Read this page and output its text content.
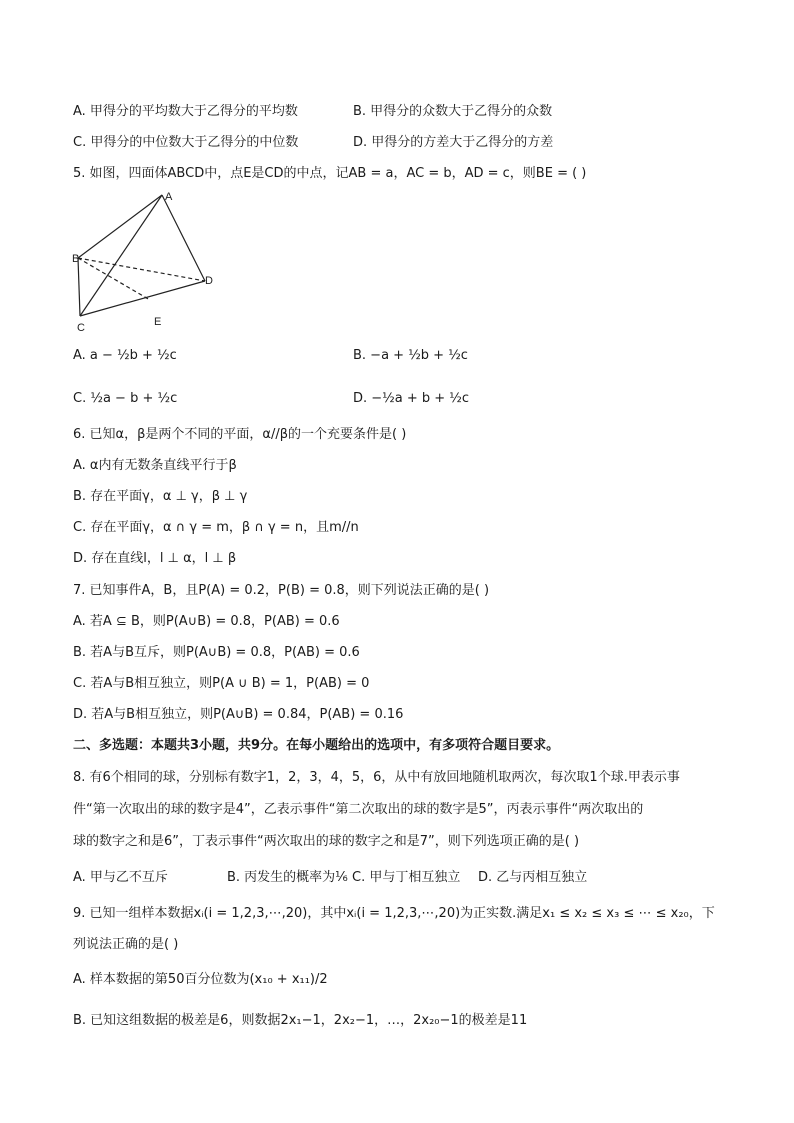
A. 甲得分的平均数大于乙得分的平均数	B. 甲得分的众数大于乙得分的众数
C. 甲得分的中位数大于乙得分的中位数	D. 甲得分的方差大于乙得分的方差
5. 如图，四面体ABCD中，点E是CD的中点，记AB = a，AC = b，AD = c，则BE = ( )
A
B
C
D
E
A. a − ½b + ½c	B. −a + ½b + ½c
C. ½a − b + ½c	D. −½a + b + ½c
6. 已知α，β是两个不同的平面，α//β的一个充要条件是( )
A. α内有无数条直线平行于β
B. 存在平面γ，α ⊥ γ，β ⊥ γ
C. 存在平面γ，α ∩ γ = m，β ∩ γ = n，且m//n
D. 存在直线l，l ⊥ α，l ⊥ β
7. 已知事件A，B，且P(A) = 0.2，P(B) = 0.8，则下列说法正确的是( )
A. 若A ⊆ B，则P(A∪B) = 0.8，P(AB) = 0.6
B. 若A与B互斥，则P(A∪B) = 0.8，P(AB) = 0.6
C. 若A与B相互独立，则P(A ∪ B) = 1，P(AB) = 0
D. 若A与B相互独立，则P(A∪B) = 0.84，P(AB) = 0.16
二、多选题：本题共3小题，共9分。在每小题给出的选项中，有多项符合题目要求。
8. 有6个相同的球，分别标有数字1，2，3，4，5，6，从中有放回地随机取两次，每次取1个球.甲表示事
件“第一次取出的球的数字是4”，乙表示事件“第二次取出的球的数字是5”，丙表示事件“两次取出的
球的数字之和是6”，丁表示事件“两次取出的球的数字之和是7”，则下列选项正确的是( )
A. 甲与乙不互斥	B. 丙发生的概率为⅙ C. 甲与丁相互独立 D. 乙与丙相互独立
9. 已知一组样本数据xᵢ(i = 1,2,3,⋯,20)，其中xᵢ(i = 1,2,3,⋯,20)为正实数.满足x₁ ≤ x₂ ≤ x₃ ≤ ⋯ ≤ x₂₀，下
列说法正确的是( )
A. 样本数据的第50百分位数为(x₁₀ + x₁₁)/2
B. 已知这组数据的极差是6，则数据2x₁−1，2x₂−1，…，2x₂₀−1的极差是11
